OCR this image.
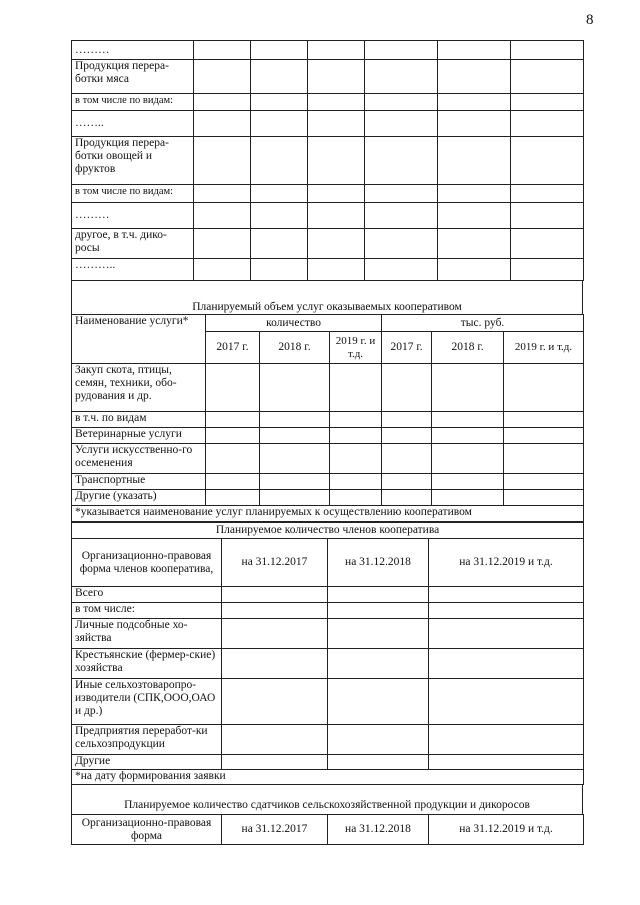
8
………						
Продукция перера-ботки мяса						
в том числе по видам:						
……..						
Продукция перера-ботки овощей и фруктов						
в том числе по видам:						
………						
другое, в т.ч. дико-росы						
………..						
Планируемый объем услуг оказываемых кооперативом
Наименование услуги*	количество			тыс. руб.		
	2017 г.	2018 г.	2019 г. и т.д.	2017 г.	2018 г.	2019 г. и т.д.
Закуп скота, птицы, семян, техники, обо-рудования и др.						
в т.ч. по видам						
Ветеринарные услуги						
Услуги искусственно-го осеменения						
Транспортные						
Другие (указать)						
*указывается наименование услуг планируемых к осуществлению кооперативом						
Планируемое количество членов кооператива			
Организационно-правовая форма членов кооператива,	на 31.12.2017	на 31.12.2018	на 31.12.2019 и т.д.
Всего			
в том числе:			
Личные подсобные хо-зяйства			
Крестьянские (фермер-ские) хозяйства			
Иные сельхозтоваропро-изводители (СПК,ООО,ОАО и др.)			
Предприятия переработ-ки сельхозпродукции			
Другие			
*на дату формирования заявки			
Планируемое количество сдатчиков сельскохозяйственной продукции и дикоросов
Организационно-правовая форма	на 31.12.2017	на 31.12.2018	на 31.12.2019 и т.д.
